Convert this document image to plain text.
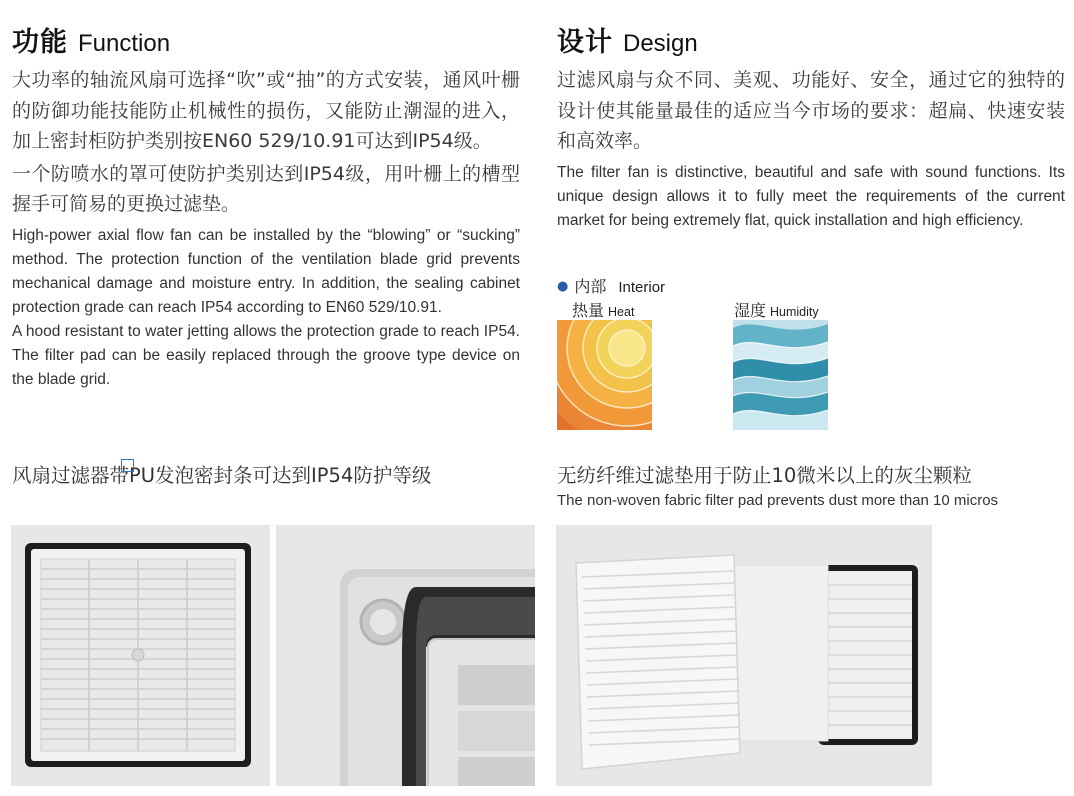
功能 Function

大功率的轴流风扇可选择“吹”或“抽”的方式安装，通风叶栅的防御功能技能防止机械性的损伤，又能防止潮湿的进入，加上密封柜防护类别按EN60 529/10.91可达到IP54级。

一个防喷水的罩可使防护类别达到IP54级，用叶栅上的槽型握手可简易的更换过滤垫。

High-power axial flow fan can be installed by the “blowing” or “sucking” method. The protection function of the ventilation blade grid prevents mechanical damage and moisture entry. In addition, the sealing cabinet protection grade can reach IP54 according to EN60 529/10.91.

A hood resistant to water jetting allows the protection grade to reach IP54. The filter pad can be easily replaced through the groove type device on the blade grid.

风扇过滤器带PU发泡密封条可达到IP54防护等级
设计 Design

过滤风扇与众不同、美观、功能好、安全，通过它的独特的设计使其能量最佳的适应当今市场的要求：超扁、快速安装和高效率。

The filter fan is distinctive, beautiful and safe with sound functions. Its unique design allows it to fully meet the requirements of the current market for being extremely flat, quick installation and high efficiency.

● 内部 Interior
热量 Heat	湿度 Humidity
无纺纤维过滤垫用于防止10微米以上的灰尘颗粒
The non-woven fabric filter pad prevents dust more than 10 micros
